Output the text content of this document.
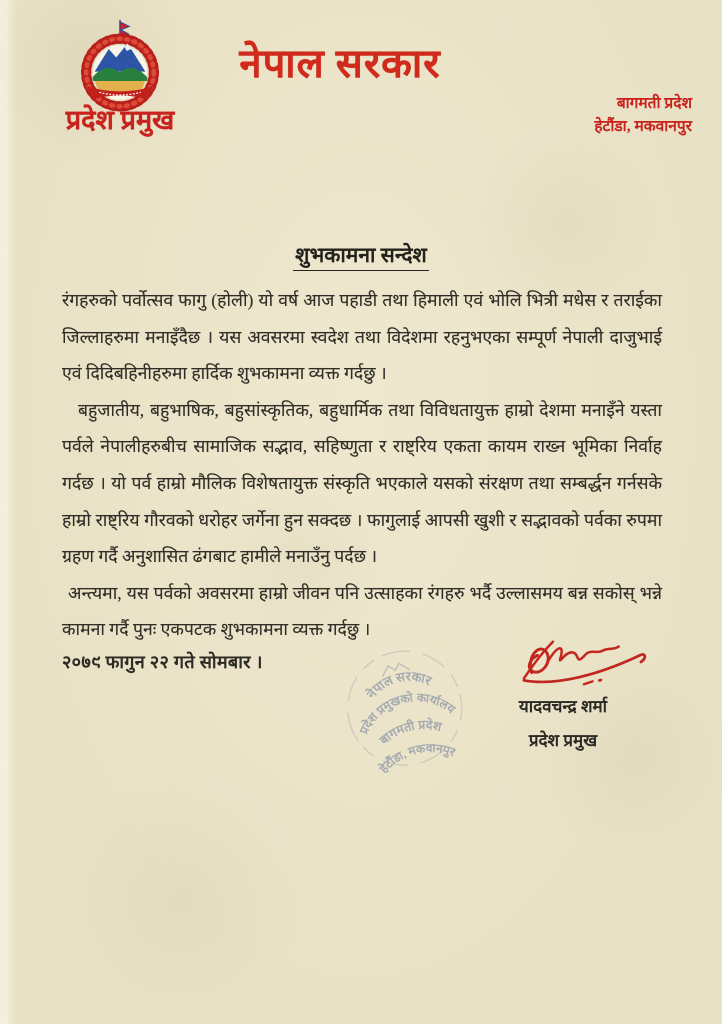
नेपाल सरकार
प्रदेश प्रमुख
बागमती प्रदेश
हेटौंडा, मकवानपुर
शुभकामना सन्देश

रंगहरुको पर्वोत्सव फागु (होली) यो वर्ष आज पहाडी तथा हिमाली एवं भोलि भित्री मधेस र तराईका जिल्लाहरुमा मनाइँदैछ । यस अवसरमा स्वदेश तथा विदेशमा रहनुभएका सम्पूर्ण नेपाली दाजुभाई एवं दिदिबहिनीहरुमा हार्दिक शुभकामना व्यक्त गर्दछु ।

बहुजातीय, बहुभाषिक, बहुसांस्कृतिक, बहुधार्मिक तथा विविधतायुक्त हाम्रो देशमा मनाइँने यस्ता पर्वले नेपालीहरुबीच सामाजिक सद्भाव, सहिष्णुता र राष्ट्रिय एकता कायम राख्न भूमिका निर्वाह गर्दछ । यो पर्व हाम्रो मौलिक विशेषतायुक्त संस्कृति भएकाले यसको संरक्षण तथा सम्बर्द्धन गर्नसके हाम्रो राष्ट्रिय गौरवको धरोहर जर्गेना हुन सक्दछ । फागुलाई आपसी खुशी र सद्भावको पर्वका रुपमा ग्रहण गर्दै अनुशासित ढंगबाट हामीले मनाउँनु पर्दछ ।

अन्त्यमा, यस पर्वको अवसरमा हाम्रो जीवन पनि उत्साहका रंगहरु भर्दै उल्लासमय बन्न सकोस् भन्ने कामना गर्दै पुनः एकपटक शुभकामना व्यक्त गर्दछु ।

२०७९ फागुन २२ गते सोमबार ।
नेपाल सरकार
प्रदेश प्रमुखको कार्यालय
बागमती प्रदेश
हेटौंडा, मकवानपुर
यादवचन्द्र शर्मा
प्रदेश प्रमुख
